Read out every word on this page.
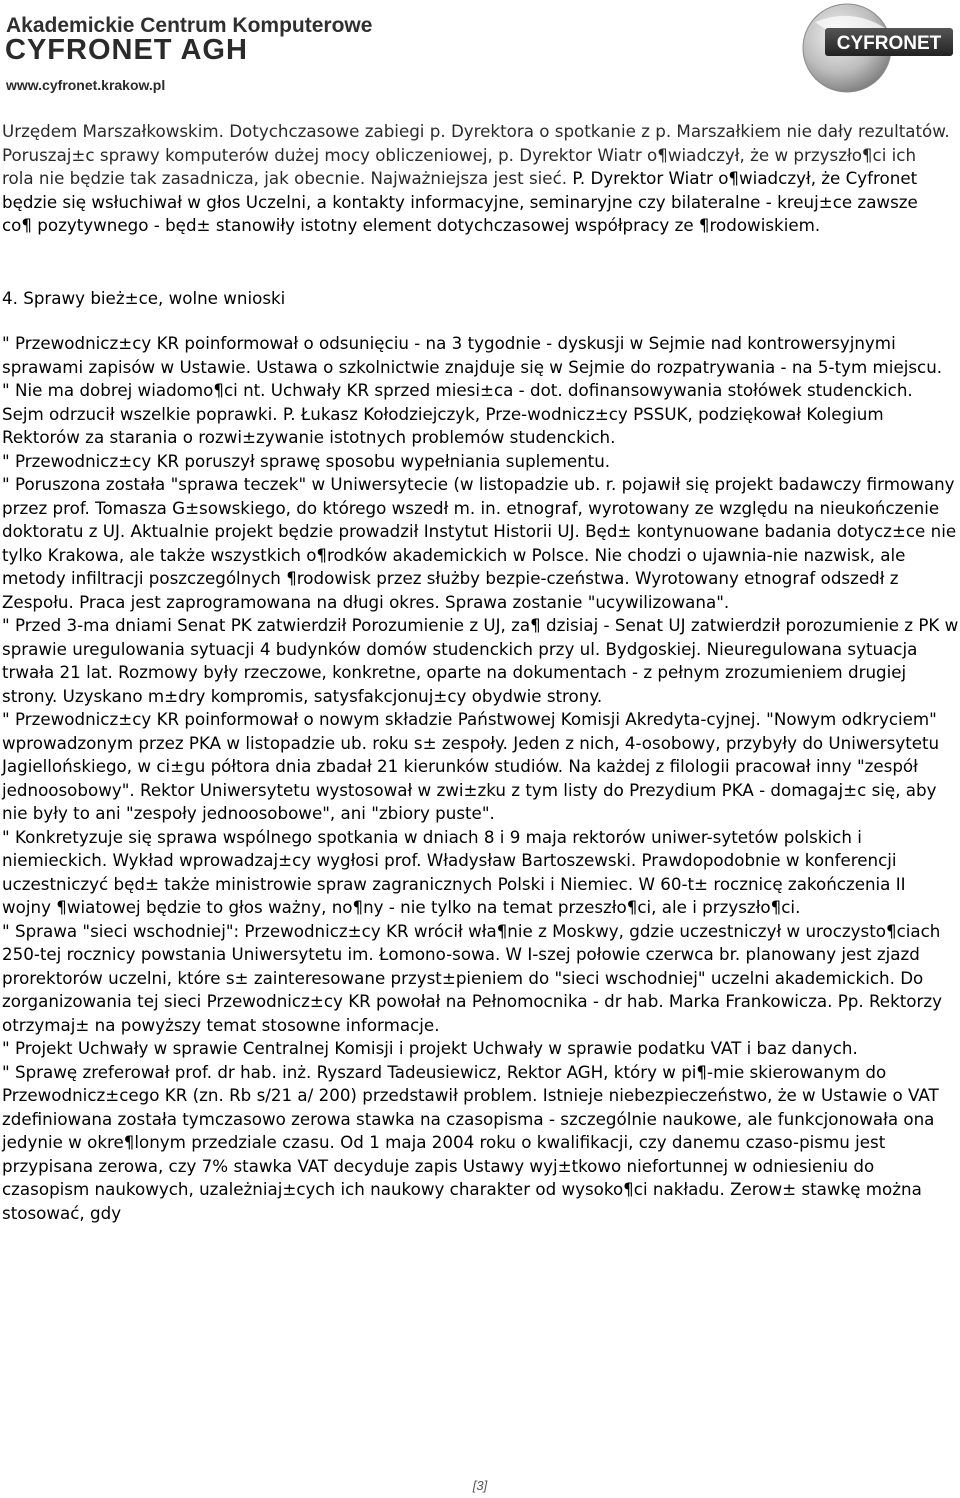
Akademickie Centrum Komputerowe

CYFRONET AGH

www.cyfronet.krakow.pl

CYFRONET

Urzędem Marszałkowskim. Dotychczasowe zabiegi p. Dyrektora o spotkanie z p. Marszałkiem nie dały rezultatów. Poruszaj±c sprawy komputerów dużej mocy obliczeniowej, p. Dyrektor Wiatr o¶wiadczył, że w przyszło¶ci ich rola nie będzie tak zasadnicza, jak obecnie. Najważniejsza jest sieć. P. Dyrektor Wiatr o¶wiadczył, że Cyfronet będzie się wsłuchiwał w głos Uczelni, a kontakty informacyjne, seminaryjne czy bilateralne - kreuj±ce zawsze co¶ pozytywnego - będ± stanowiły istotny element dotychczasowej współpracy ze ¶rodowiskiem.

4. Sprawy bież±ce, wolne wnioski

" Przewodnicz±cy KR poinformował o odsunięciu - na 3 tygodnie - dyskusji w Sejmie nad kontrowersyjnymi sprawami zapisów w Ustawie. Ustawa o szkolnictwie znajduje się w Sejmie do rozpatrywania - na 5-tym miejscu.

" Nie ma dobrej wiadomo¶ci nt. Uchwały KR sprzed miesi±ca - dot. dofinansowywania stołówek studenckich. Sejm odrzucił wszelkie poprawki. P. Łukasz Kołodziejczyk, Prze-wodnicz±cy PSSUK, podziękował Kolegium Rektorów za starania o rozwi±zywanie istotnych problemów studenckich.

" Przewodnicz±cy KR poruszył sprawę sposobu wypełniania suplementu.

" Poruszona została "sprawa teczek" w Uniwersytecie (w listopadzie ub. r. pojawił się projekt badawczy firmowany przez prof. Tomasza G±sowskiego, do którego wszedł m. in. etnograf, wyrotowany ze względu na nieukończenie doktoratu z UJ. Aktualnie projekt będzie prowadził Instytut Historii UJ. Będ± kontynuowane badania dotycz±ce nie tylko Krakowa, ale także wszystkich o¶rodków akademickich w Polsce. Nie chodzi o ujawnia-nie nazwisk, ale metody infiltracji poszczególnych ¶rodowisk przez służby bezpie-czeństwa. Wyrotowany etnograf odszedł z Zespołu. Praca jest zaprogramowana na długi okres. Sprawa zostanie "ucywilizowana".

" Przed 3-ma dniami Senat PK zatwierdził Porozumienie z UJ, za¶ dzisiaj - Senat UJ zatwierdził porozumienie z PK w sprawie uregulowania sytuacji 4 budynków domów studenckich przy ul. Bydgoskiej. Nieuregulowana sytuacja trwała 21 lat. Rozmowy były rzeczowe, konkretne, oparte na dokumentach - z pełnym zrozumieniem drugiej strony. Uzyskano m±dry kompromis, satysfakcjonuj±cy obydwie strony.

" Przewodnicz±cy KR poinformował o nowym składzie Państwowej Komisji Akredyta-cyjnej. "Nowym odkryciem" wprowadzonym przez PKA w listopadzie ub. roku s± zespoły. Jeden z nich, 4-osobowy, przybyły do Uniwersytetu Jagiellońskiego, w ci±gu półtora dnia zbadał 21 kierunków studiów. Na każdej z filologii pracował inny "zespół jednoosobowy". Rektor Uniwersytetu wystosował w zwi±zku z tym listy do Prezydium PKA - domagaj±c się, aby nie były to ani "zespoły jednoosobowe", ani "zbiory puste".

" Konkretyzuje się sprawa wspólnego spotkania w dniach 8 i 9 maja rektorów uniwer-sytetów polskich i niemieckich. Wykład wprowadzaj±cy wygłosi prof. Władysław Bartoszewski. Prawdopodobnie w konferencji uczestniczyć będ± także ministrowie spraw zagranicznych Polski i Niemiec. W 60-t± rocznicę zakończenia II wojny ¶wiatowej będzie to głos ważny, no¶ny - nie tylko na temat przeszło¶ci, ale i przyszło¶ci.

" Sprawa "sieci wschodniej": Przewodnicz±cy KR wrócił wła¶nie z Moskwy, gdzie uczestniczył w uroczysto¶ciach 250-tej rocznicy powstania Uniwersytetu im. Łomono-sowa. W I-szej połowie czerwca br. planowany jest zjazd prorektorów uczelni, które s± zainteresowane przyst±pieniem do "sieci wschodniej" uczelni akademickich. Do zorganizowania tej sieci Przewodnicz±cy KR powołał na Pełnomocnika - dr hab. Marka Frankowicza. Pp. Rektorzy otrzymaj± na powyższy temat stosowne informacje.

" Projekt Uchwały w sprawie Centralnej Komisji i projekt Uchwały w sprawie podatku VAT i baz danych.

" Sprawę zreferował prof. dr hab. inż. Ryszard Tadeusiewicz, Rektor AGH, który w pi¶-mie skierowanym do Przewodnicz±cego KR (zn. Rb s/21 a/ 200) przedstawił problem. Istnieje niebezpieczeństwo, że w Ustawie o VAT zdefiniowana została tymczasowo zerowa stawka na czasopisma - szczególnie naukowe, ale funkcjonowała ona jedynie w okre¶lonym przedziale czasu. Od 1 maja 2004 roku o kwalifikacji, czy danemu czaso-pismu jest przypisana zerowa, czy 7% stawka VAT decyduje zapis Ustawy wyj±tkowo niefortunnej w odniesieniu do czasopism naukowych, uzależniaj±cych ich naukowy charakter od wysoko¶ci nakładu. Zerow± stawkę można stosować, gdy

[3]
